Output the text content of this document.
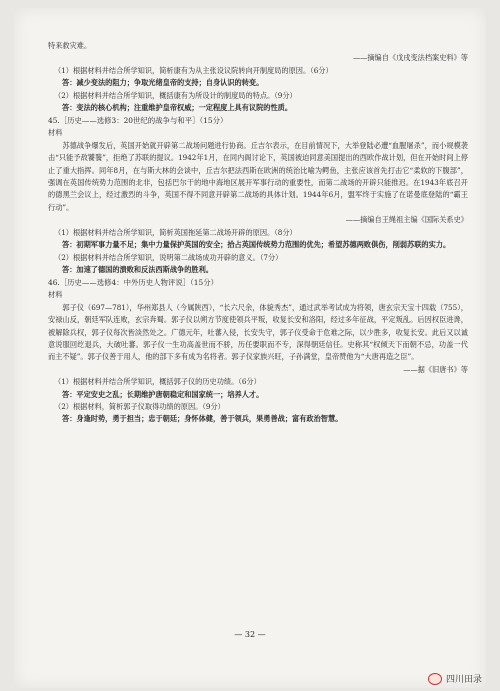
特来救灾难。
——摘编自《戊戌变法档案史料》等
（1）根据材料并结合所学知识，简析康有为从主张设议院转向开制度局的原因。（6分）
答：减少变法的阻力；争取光绪皇帝的支持；自身认识的转变。
（2）根据材料并结合所学知识，概括康有为所设计的制度局的特点。（9分）
答：变法的核心机构；注重维护皇帝权威；一定程度上具有议院的性质。
45.［历史——选修3：20世纪的战争与和平］（15分）
材料
苏德战争爆发后，英国开始就开辟第二战场问题进行协商。丘吉尔表示，在目前情况下，大举登陆必遭“血腥屠杀”，而小规模袭击“只能予敌饕餮”，拒绝了苏联的提议。1942年1月，在同内阁讨论下，英国被迫同意美国提出的西欧作战计划，但在开始时间上停止了重大指挥。同年8月，在与斯大林的会谈中，丘吉尔把法西斯在欧洲的统治比喻为鳄鱼，主张应该首先打击它“柔软的下腹部”，强调在英国传统势力范围的北非，包括巴尔干的地中海地区展开军事行动的重要性，而第二战场的开辟只能推迟。在1943年底召开的德黑兰会议上，经过激烈的斗争，英国不得不同意开辟第二战场的具体计划。1944年6月，盟军终于实施了在诺曼底登陆的“霸王行动”。
——摘编自王绳祖主编《国际关系史》
（1）根据材料并结合所学知识，简析英国拖延第二战场开辟的原因。（8分）
答：初期军事力量不足；集中力量保护英国的安全；拾占英国传统势力范围的优先；希望苏德两败俱伤，削弱苏联的实力。
（2）根据材料并结合所学知识，说明第二战场成功开辟的意义。（7分）
答：加速了德国的溃败和反法西斯战争的胜利。
46.［历史——选修4：中外历史人物评说］（15分）
材料
郭子仪（697—781），华州郑县人（今属陕西），“长六尺余，体貌秀杰”，通过武举考试成为将领，唐玄宗天宝十四载（755），安禄山反，朝廷军队连败，玄宗奔蜀。郭子仪以朔方节度使领兵平叛，收复长安和洛阳，经过多年征战，平定叛乱。后因权臣进谗，被解除兵权，郭子仪每次皆淡然处之。广德元年，吐蕃入侵，长安失守，郭子仪受命于危难之际，以少胜多，收复长安。此后又以诚意说服回纥退兵，大破吐蕃。郭子仪一生功高盖世而不骄，历任要职而不专，深得朝廷信任。史称其“权倾天下而朝不忌，功盖一代而主不疑”。郭子仪善于用人，他的部下多有成为名将者。郭子仪家族兴旺，子孙满堂，皇帝赞他为“大唐再造之臣”。
——据《旧唐书》等
（1）根据材料并结合所学知识，概括郭子仪的历史功绩。（6分）
答：平定安史之乱；长期维护唐朝稳定和国家统一；培养人才。
（2）根据材料，简析郭子仪取得功绩的原因。（9分）
答：身逢时势，勇于担当；忠于朝廷；身怀体健，善于领兵，果勇善战；富有政治智慧。
— 32 —
四川田录
